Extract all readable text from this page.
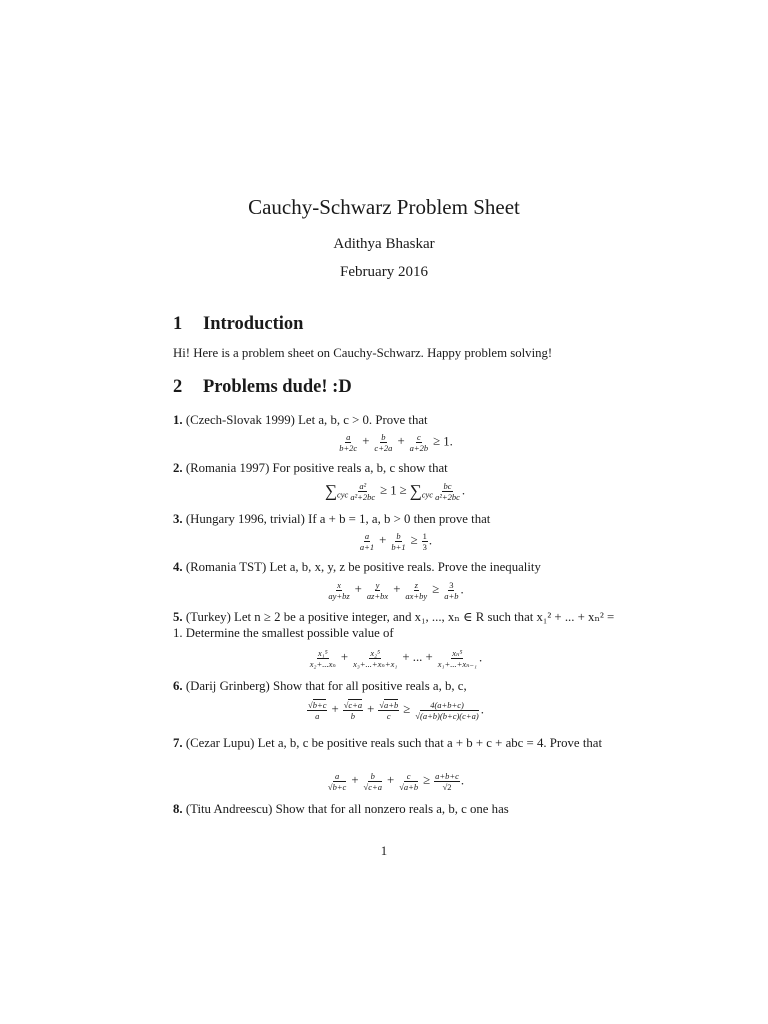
Cauchy-Schwarz Problem Sheet
Adithya Bhaskar
February 2016
1 Introduction
Hi! Here is a problem sheet on Cauchy-Schwarz. Happy problem solving!
2 Problems dude! :D
1. (Czech-Slovak 1999) Let a, b, c > 0. Prove that
$\frac{a}{b+2c} + \frac{b}{c+2a} + \frac{c}{a+2b} \ge 1$.
2. (Romania 1997) For positive reals a, b, c show that
$\sum_{cyc} \frac{\text{a²}}{\text{a²+2bc}} \ge 1 \ge \sum_{cyc} \frac{bc}{\text{a²+2bc}}$ .
3. (Hungary 1996, trivial) If a + b = 1, a, b > 0 then prove that
$\frac{a}{a+1} + \frac{b}{b+1} \ge \frac{1}{3}$ .
4. (Romania TST) Let a, b, x, y, z be positive reals. Prove the inequality
$\frac{x}{ay+bz} + \frac{y}{az+bx} + \frac{z}{ax+by} \ge \frac{3}{a+b}$ .
5. (Turkey) Let n ≥ 2 be a positive integer, and x₁, ..., xₙ ∈ R such that x₁² + ... + xₙ² = 1. Determine the smallest possible value of
$\frac{\text{x₁⁵}}{\text{x₂+...xₙ}} + \frac{\text{x₂⁵}}{\text{x₃+...+xₙ+x₁}}$ + ... + $\frac{\text{xₙ⁵}}{\text{x₁+...+xₙ₋₁}}$ .
6. (Darij Grinberg) Show that for all positive reals a, b, c,
$\frac{√b+c}{a} + \frac{√c+a}{b} + \frac{√a+b}{c} \ge \frac{4(a+b+c)}{√(a+b)(b+c)(c+a)}$ .
7. (Cezar Lupu) Let a, b, c be positive reals such that a + b + c + abc = 4. Prove that
$\frac{a}{√b+c} + \frac{b}{√c+a} + \frac{c}{√a+b} \ge \frac{a+b+c}{√2}$ .
8. (Titu Andreescu) Show that for all nonzero reals a, b, c one has
1
